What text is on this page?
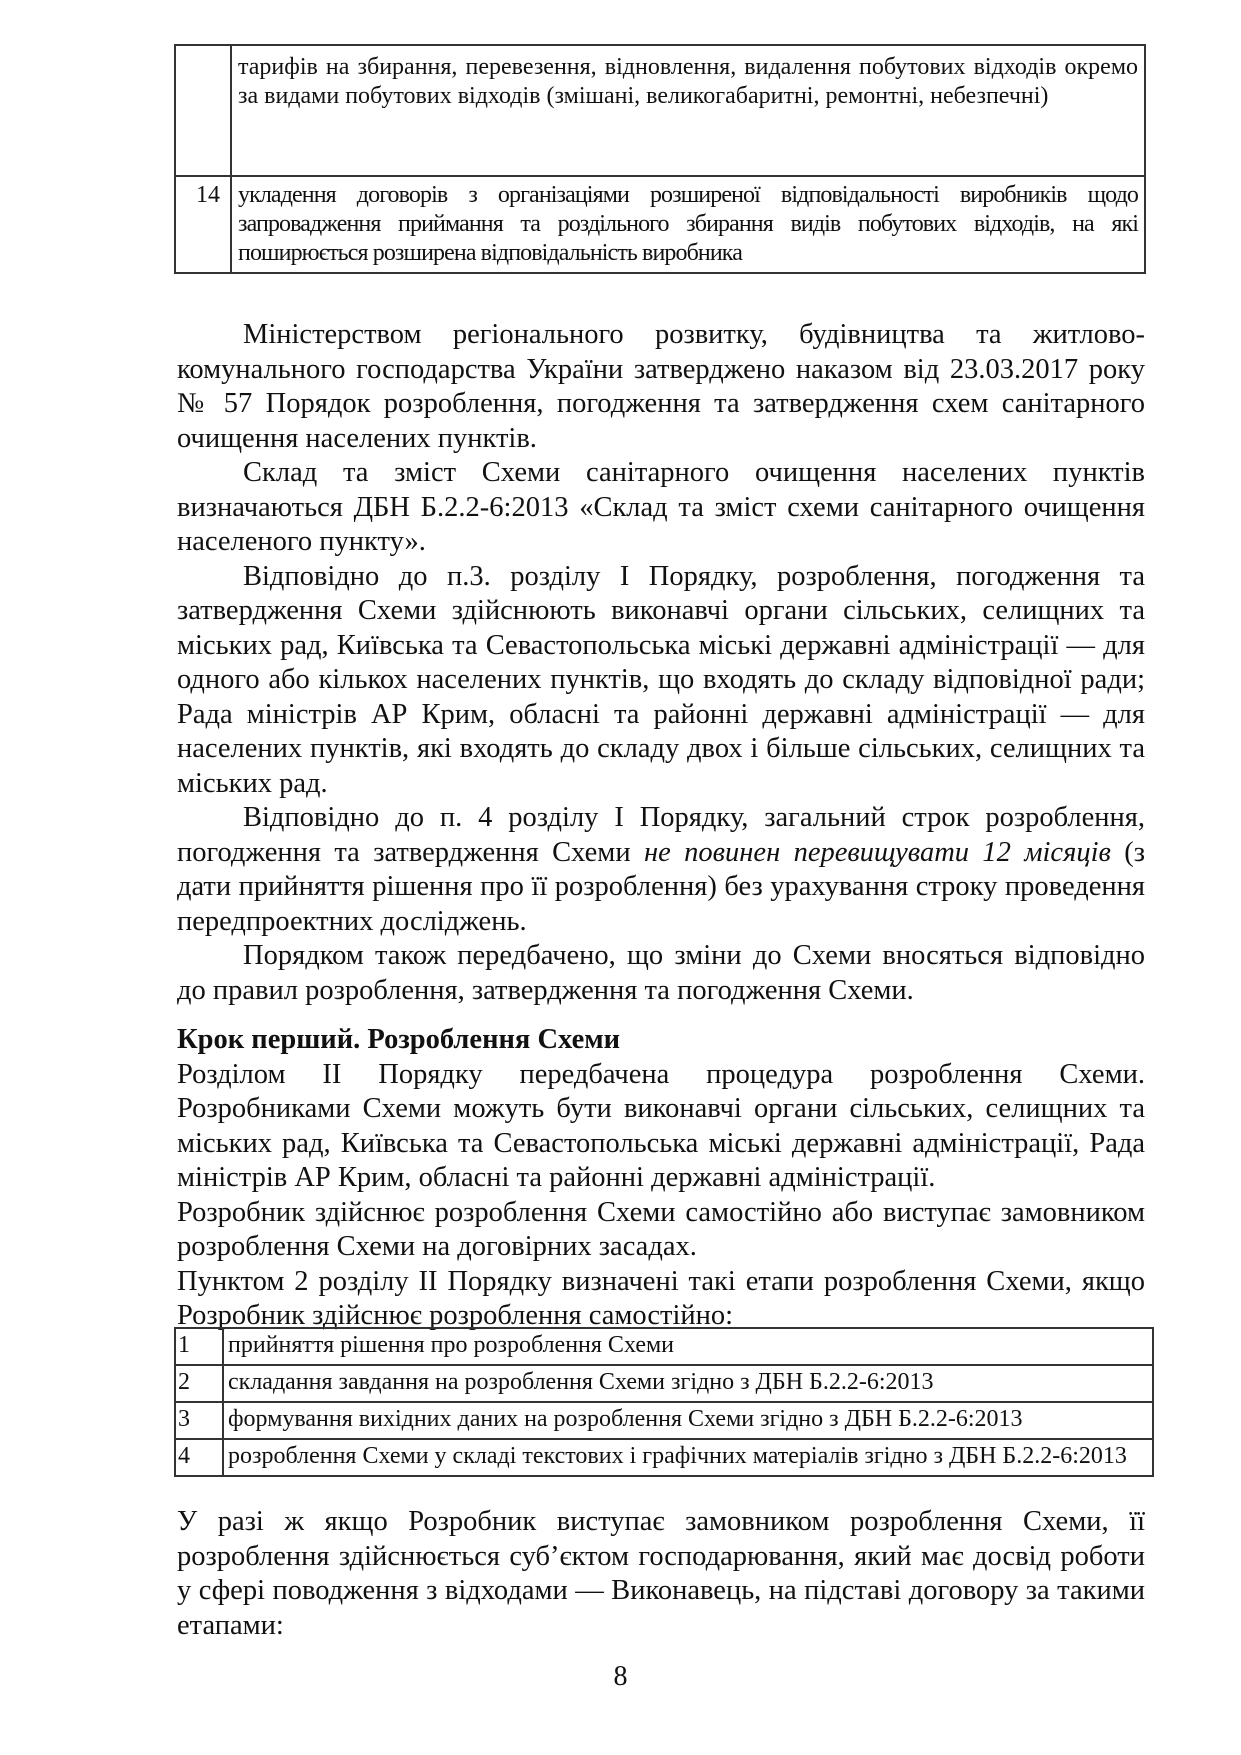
	тарифів на збирання, перевезення, відновлення, видалення побутових відходів окремо за видами побутових відходів (змішані, великогабаритні, ремонтні, небезпечні)
14	укладення договорів з організаціями розширеної відповідальності виробників щодо запровадження приймання та роздільного збирання видів побутових відходів, на які поширюється розширена відповідальність виробника

Міністерством регіонального розвитку, будівництва та житлово-комунального господарства України затверджено наказом від 23.03.2017 року № 57 Порядок розроблення, погодження та затвердження схем санітарного очищення населених пунктів.

Склад та зміст Схеми санітарного очищення населених пунктів визначаються ДБН Б.2.2-6:2013 «Склад та зміст схеми санітарного очищення населеного пункту».

Відповідно до п.3. розділу І Порядку, розроблення, погодження та затвердження Схеми здійснюють виконавчі органи сільських, селищних та міських рад, Київська та Севастопольська міські державні адміністрації — для одного або кількох населених пунктів, що входять до складу відповідної ради; Рада міністрів АР Крим, обласні та районні державні адміністрації — для населених пунктів, які входять до складу двох і більше сільських, селищних та міських рад.

Відповідно до п. 4 розділу І Порядку, загальний строк розроблення, погодження та затвердження Схеми не повинен перевищувати 12 місяців (з дати прийняття рішення про її розроблення) без урахування строку проведення передпроектних досліджень.

Порядком також передбачено, що зміни до Схеми вносяться відповідно до правил розроблення, затвердження та погодження Схеми.

Крок перший. Розроблення Схеми

Розділом ІІ Порядку передбачена процедура розроблення Схеми. Розробниками Схеми можуть бути виконавчі органи сільських, селищних та міських рад, Київська та Севастопольська міські державні адміністрації, Рада міністрів АР Крим, обласні та районні державні адміністрації.

Розробник здійснює розроблення Схеми самостійно або виступає замовником розроблення Схеми на договірних засадах.

Пунктом 2 розділу ІІ Порядку визначені такі етапи розроблення Схеми, якщо Розробник здійснює розроблення самостійно:

1	прийняття рішення про розроблення Схеми
2	складання завдання на розроблення Схеми згідно з ДБН Б.2.2-6:2013
3	формування вихідних даних на розроблення Схеми згідно з ДБН Б.2.2-6:2013
4	розроблення Схеми у складі текстових і графічних матеріалів згідно з ДБН Б.2.2-6:2013

У разі ж якщо Розробник виступає замовником розроблення Схеми, її розроблення здійснюється суб’єктом господарювання, який має досвід роботи у сфері поводження з відходами — Виконавець, на підставі договору за такими етапами:

8
